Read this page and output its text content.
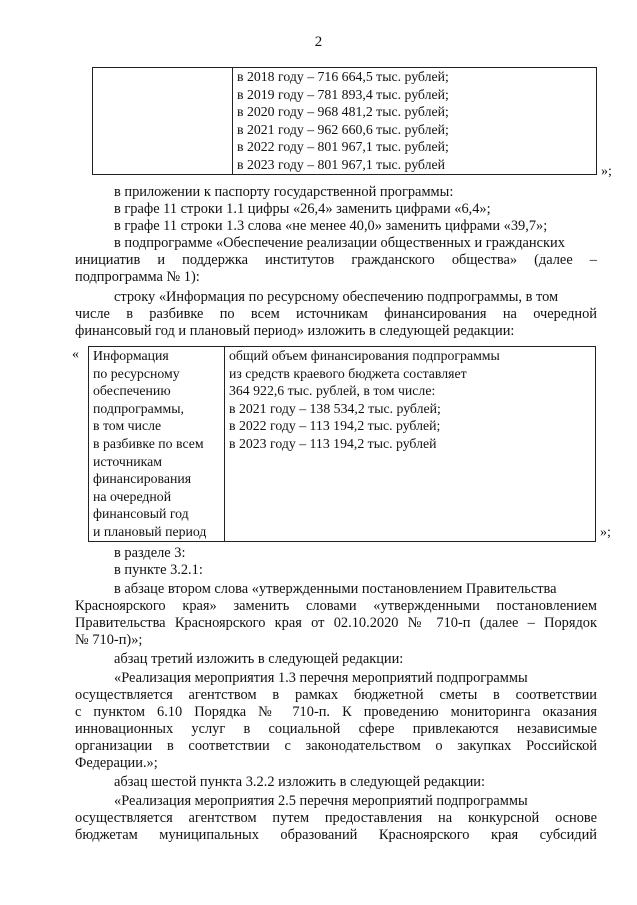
2

в 2018 году – 716 664,5 тыс. рублей;
в 2019 году – 781 893,4 тыс. рублей;
в 2020 году – 968 481,2 тыс. рублей;
в 2021 году – 962 660,6 тыс. рублей;
в 2022 году – 801 967,1 тыс. рублей;
в 2023 году – 801 967,1 тыс. рублей	»;
в приложении к паспорту государственной программы:
в графе 11 строки 1.1 цифры «26,4» заменить цифрами «6,4»;
в графе 11 строки 1.3 слова «не менее 40,0» заменить цифрами «39,7»;
в подпрограмме «Обеспечение реализации общественных и гражданских
инициатив и поддержка институтов гражданского общества» (далее –
подпрограмма № 1):
строку «Информация по ресурсному обеспечению подпрограммы, в том
числе в разбивке по всем источникам финансирования на очередной
финансовый год и плановый период» изложить в следующей редакции:
« Информация
по ресурсному
обеспечению
подпрограммы,
в том числе
в разбивке по всем
источникам
финансирования
на очередной
финансовый год
и плановый период

общий объем финансирования подпрограммы
из средств краевого бюджета составляет
364 922,6 тыс. рублей, в том числе:
в 2021 году – 138 534,2 тыс. рублей;
в 2022 году – 113 194,2 тыс. рублей;
в 2023 году – 113 194,2 тыс. рублей
»;
в разделе 3:
в пункте 3.2.1:
в абзаце втором слова «утвержденными постановлением Правительства
Красноярского края» заменить словами «утвержденными постановлением
Правительства Красноярского края от 02.10.2020 № 710-п (далее – Порядок
№ 710-п)»;
абзац третий изложить в следующей редакции:
«Реализация мероприятия 1.3 перечня мероприятий подпрограммы
осуществляется агентством в рамках бюджетной сметы в соответствии
с пунктом 6.10 Порядка № 710-п. К проведению мониторинга оказания
инновационных услуг в социальной сфере привлекаются независимые
организации в соответствии с законодательством о закупках Российской
Федерации.»;
абзац шестой пункта 3.2.2 изложить в следующей редакции:
«Реализация мероприятия 2.5 перечня мероприятий подпрограммы
осуществляется агентством путем предоставления на конкурсной основе
бюджетам муниципальных образований Красноярского края субсидий
